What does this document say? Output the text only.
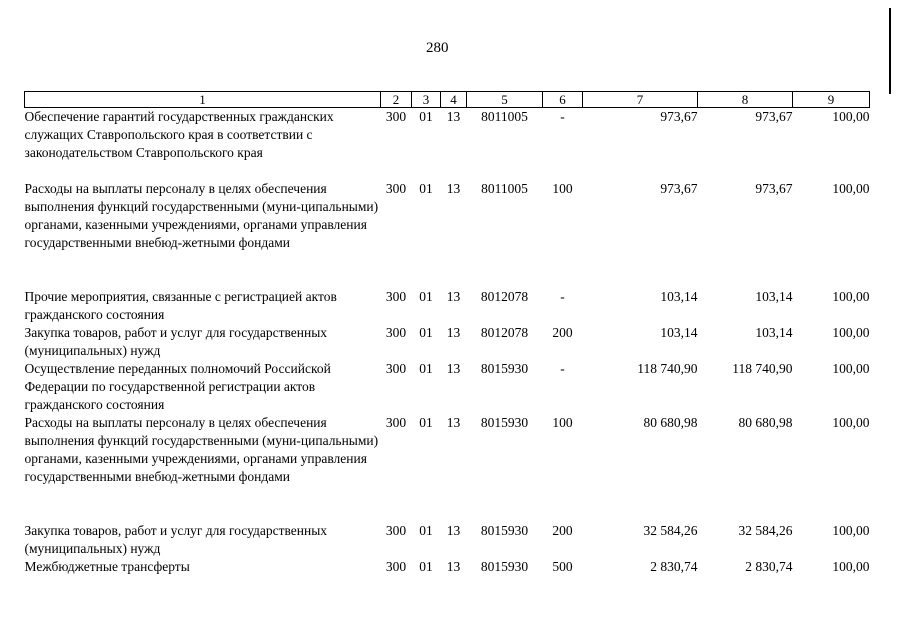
280
1	2	3	4	5	6	7	8	9
Обеспечение гарантий государственных гражданских служащих Ставропольского края в соответствии с законодательством Ставропольского края	300	01	13	8011005	-	973,67	973,67	100,00
Расходы на выплаты персоналу в целях обеспечения выполнения функций государственными (муни-ципальными) органами, казенными учреждениями, органами управления государственными внебюд-жетными фондами	300	01	13	8011005	100	973,67	973,67	100,00
Прочие мероприятия, связанные с регистрацией актов гражданского состояния	300	01	13	8012078	-	103,14	103,14	100,00
Закупка товаров, работ и услуг для государственных (муниципальных) нужд	300	01	13	8012078	200	103,14	103,14	100,00
Осуществление переданных полномочий Российской Федерации по государственной регистрации актов гражданского состояния	300	01	13	8015930	-	118 740,90	118 740,90	100,00
Расходы на выплаты персоналу в целях обеспечения выполнения функций государственными (муни-ципальными) органами, казенными учреждениями, органами управления государственными внебюд-жетными фондами	300	01	13	8015930	100	80 680,98	80 680,98	100,00
Закупка товаров, работ и услуг для государственных (муниципальных) нужд	300	01	13	8015930	200	32 584,26	32 584,26	100,00
Межбюджетные трансферты	300	01	13	8015930	500	2 830,74	2 830,74	100,00
